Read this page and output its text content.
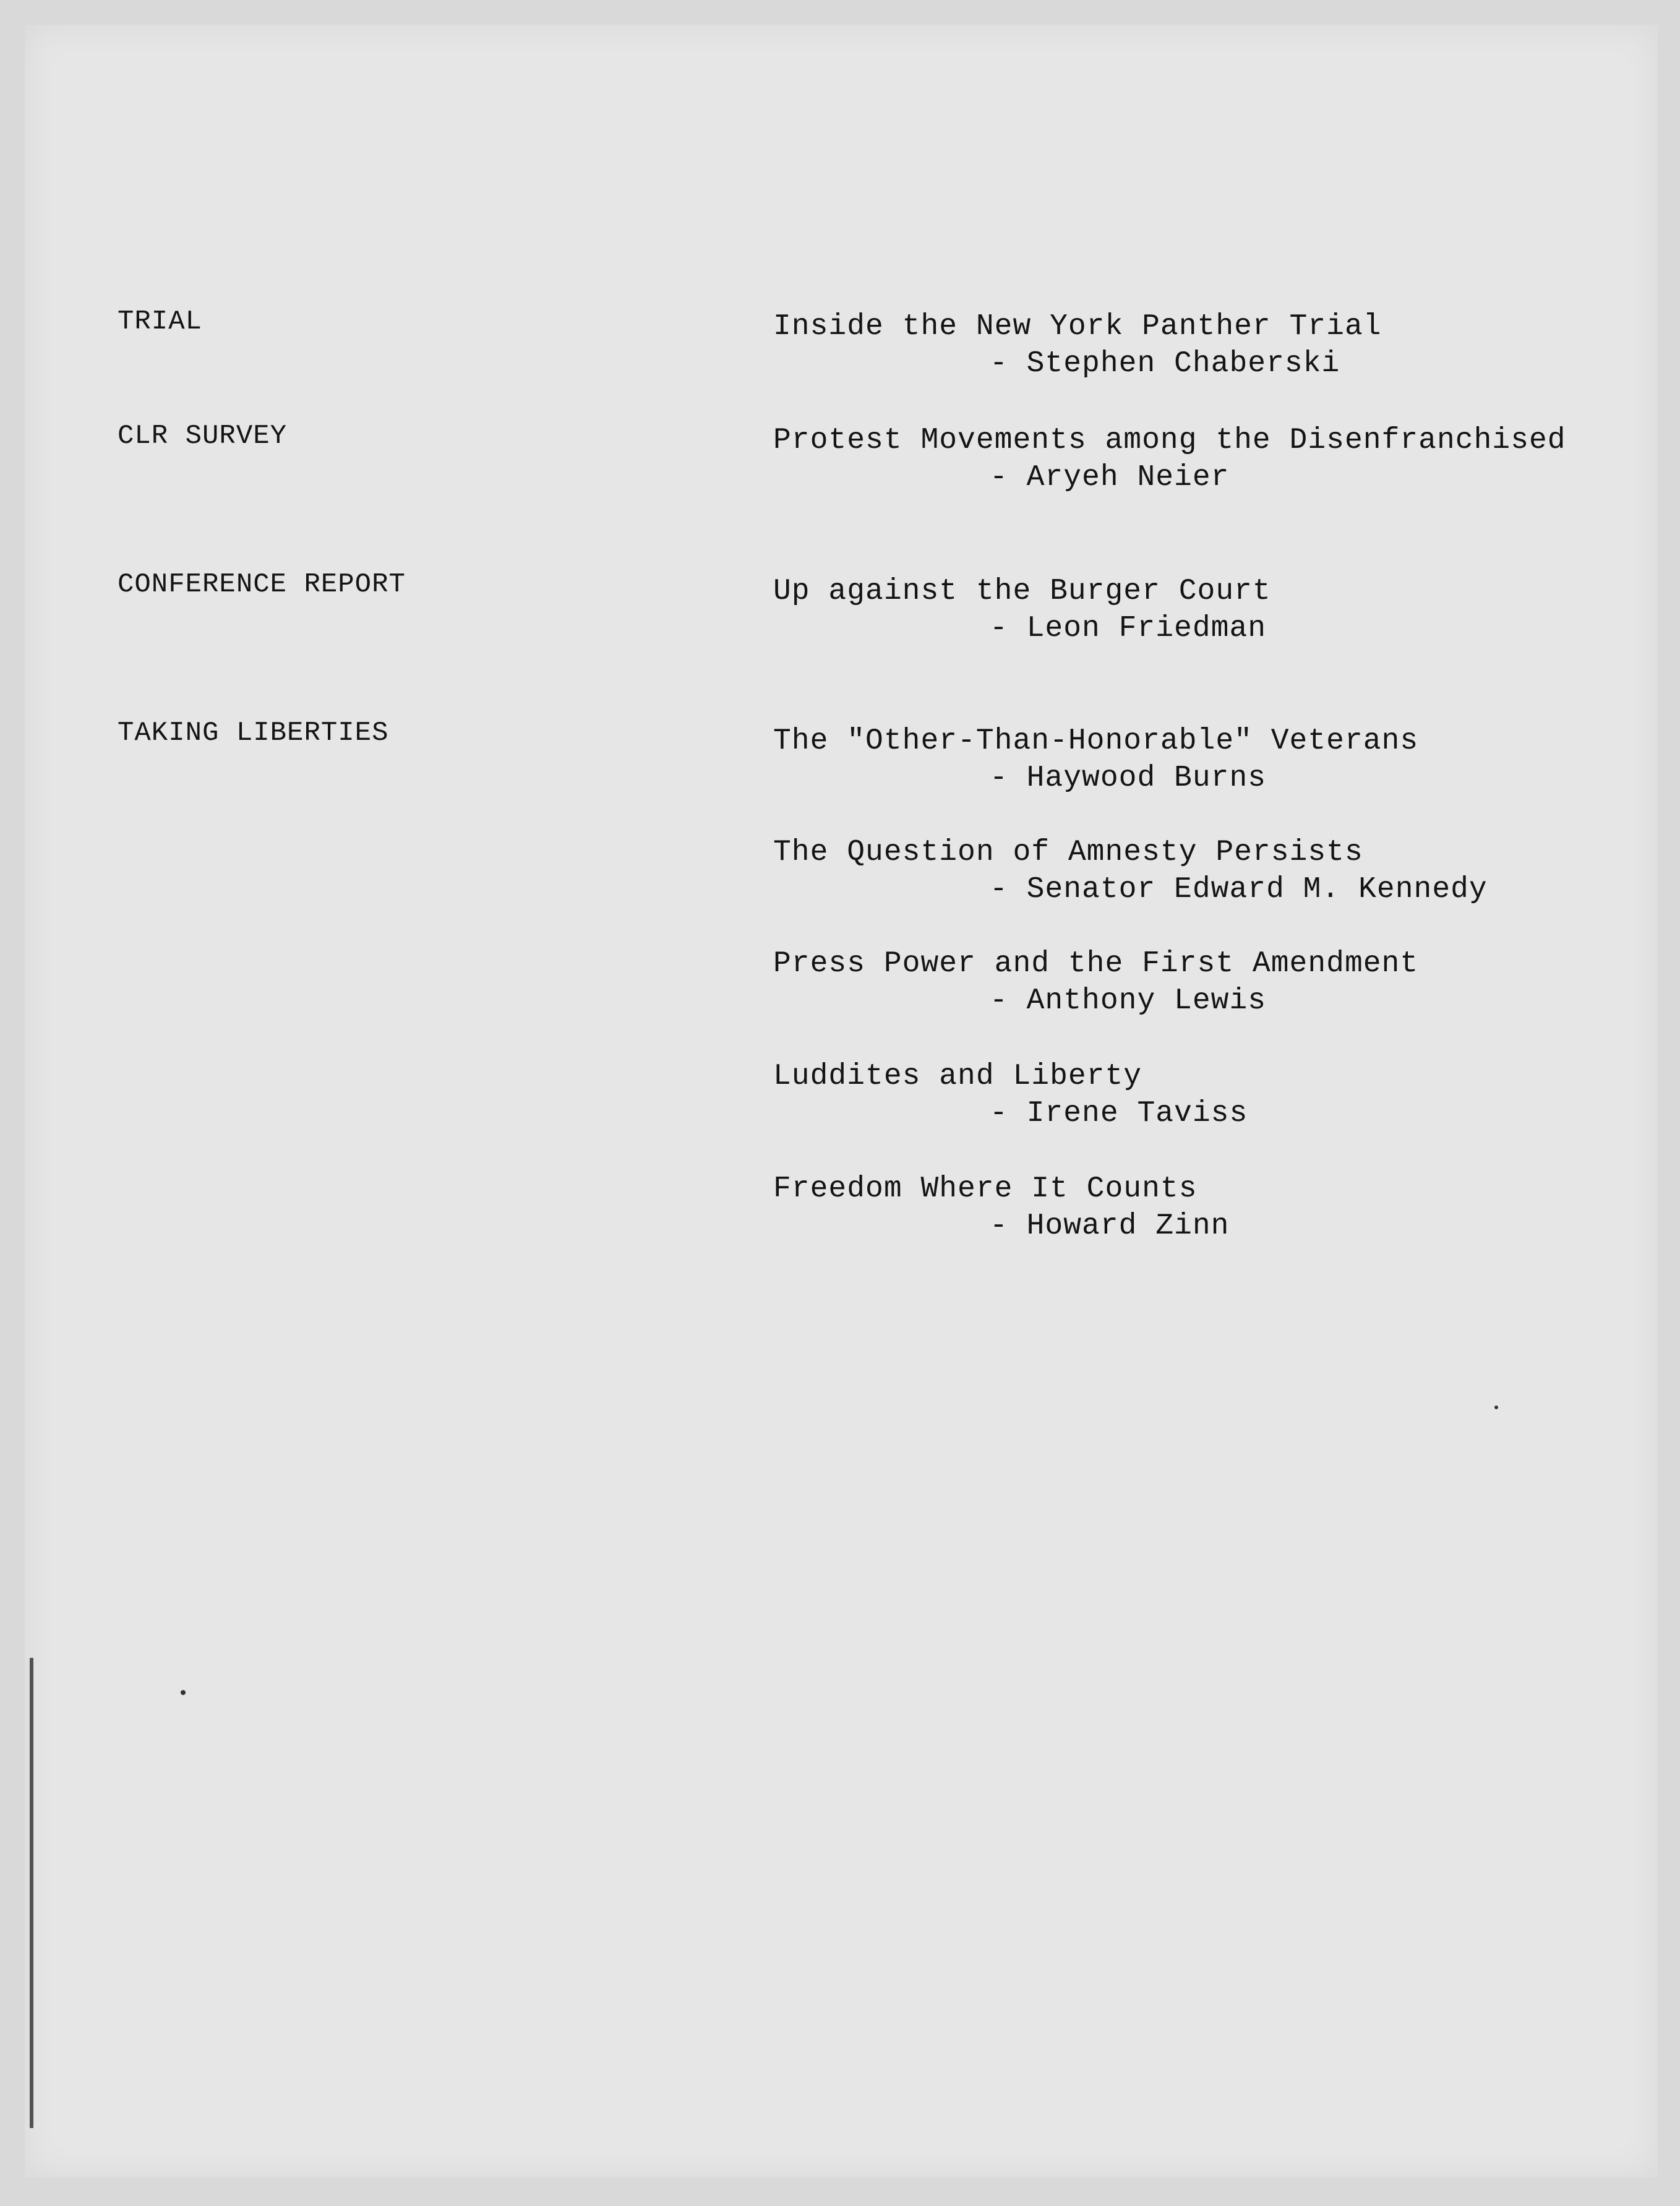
TRIAL
CLR SURVEY
CONFERENCE REPORT
TAKING LIBERTIES
Inside the New York Panther Trial
- Stephen Chaberski
Protest Movements among the Disenfranchised
- Aryeh Neier
Up against the Burger Court
- Leon Friedman
The "Other-Than-Honorable" Veterans
- Haywood Burns
The Question of Amnesty Persists
- Senator Edward M. Kennedy
Press Power and the First Amendment
- Anthony Lewis
Luddites and Liberty
- Irene Taviss
Freedom Where It Counts
- Howard Zinn
